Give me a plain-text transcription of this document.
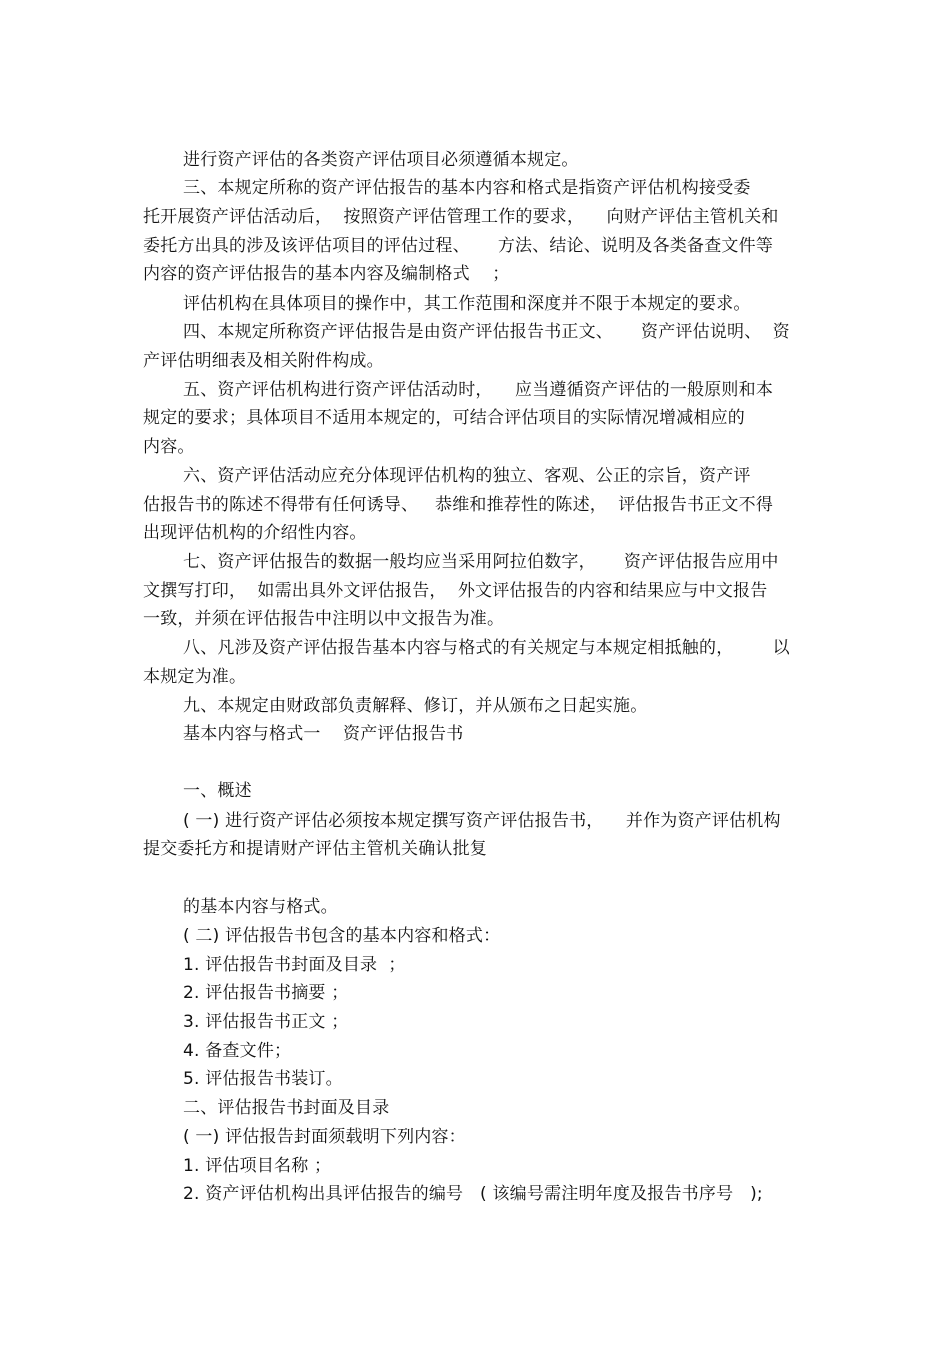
进行资产评估的各类资产评估项目必须遵循本规定。
三、本规定所称的资产评估报告的基本内容和格式是指资产评估机构接受委
托开展资产评估活动后，  按照资产评估管理工作的要求，    向财产评估主管机关和
委托方出具的涉及该评估项目的评估过程、     方法、结论、说明及各类备查文件等
内容的资产评估报告的基本内容及编制格式    ；
评估机构在具体项目的操作中，其工作范围和深度并不限于本规定的要求。
四、本规定所称资产评估报告是由资产评估报告书正文、     资产评估说明、  资
产评估明细表及相关附件构成。
五、资产评估机构进行资产评估活动时，    应当遵循资产评估的一般原则和本
规定的要求；具体项目不适用本规定的，可结合评估项目的实际情况增减相应的
内容。
六、资产评估活动应充分体现评估机构的独立、客观、公正的宗旨，资产评
估报告书的陈述不得带有任何诱导、   恭维和推荐性的陈述，  评估报告书正文不得
出现评估机构的介绍性内容。
七、资产评估报告的数据一般均应当采用阿拉伯数字，     资产评估报告应用中
文撰写打印，  如需出具外文评估报告，  外文评估报告的内容和结果应与中文报告
一致，并须在评估报告中注明以中文报告为准。
八、凡涉及资产评估报告基本内容与格式的有关规定与本规定相抵触的，       以
本规定为准。
九、本规定由财政部负责解释、修订，并从颁布之日起实施。
基本内容与格式一    资产评估报告书
一、概述
( 一) 进行资产评估必须按本规定撰写资产评估报告书，    并作为资产评估机构
提交委托方和提请财产评估主管机关确认批复
的基本内容与格式。
( 二) 评估报告书包含的基本内容和格式：
1. 评估报告书封面及目录  ；
2. 评估报告书摘要 ；
3. 评估报告书正文 ；
4. 备查文件；
5. 评估报告书装订。
二、评估报告书封面及目录
( 一) 评估报告封面须载明下列内容：
1. 评估项目名称 ；
2. 资产评估机构出具评估报告的编号   ( 该编号需注明年度及报告书序号   );
